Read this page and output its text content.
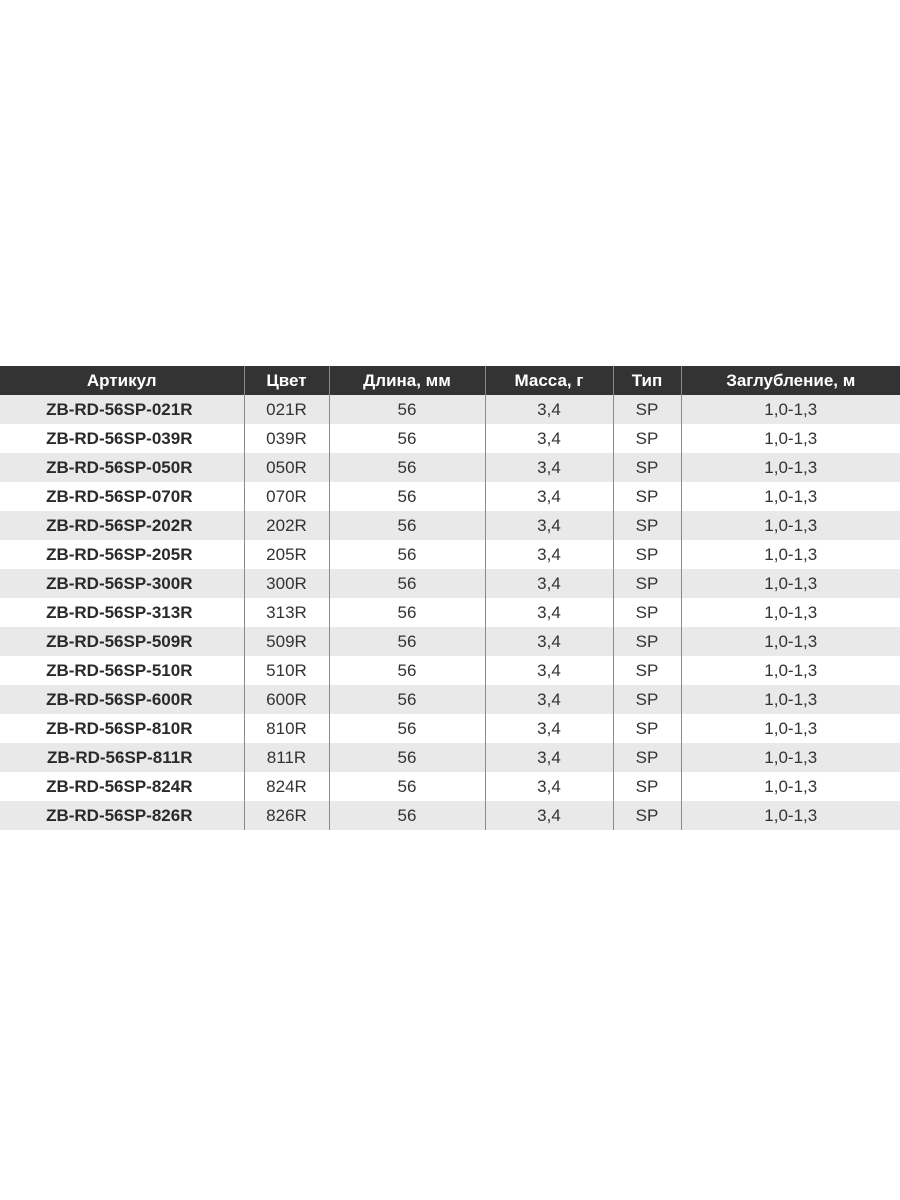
Артикул	Цвет	Длина, мм	Масса, г	Тип	Заглубление, м
ZB-RD-56SP-021R	021R	56	3,4	SP	1,0-1,3
ZB-RD-56SP-039R	039R	56	3,4	SP	1,0-1,3
ZB-RD-56SP-050R	050R	56	3,4	SP	1,0-1,3
ZB-RD-56SP-070R	070R	56	3,4	SP	1,0-1,3
ZB-RD-56SP-202R	202R	56	3,4	SP	1,0-1,3
ZB-RD-56SP-205R	205R	56	3,4	SP	1,0-1,3
ZB-RD-56SP-300R	300R	56	3,4	SP	1,0-1,3
ZB-RD-56SP-313R	313R	56	3,4	SP	1,0-1,3
ZB-RD-56SP-509R	509R	56	3,4	SP	1,0-1,3
ZB-RD-56SP-510R	510R	56	3,4	SP	1,0-1,3
ZB-RD-56SP-600R	600R	56	3,4	SP	1,0-1,3
ZB-RD-56SP-810R	810R	56	3,4	SP	1,0-1,3
ZB-RD-56SP-811R	811R	56	3,4	SP	1,0-1,3
ZB-RD-56SP-824R	824R	56	3,4	SP	1,0-1,3
ZB-RD-56SP-826R	826R	56	3,4	SP	1,0-1,3
